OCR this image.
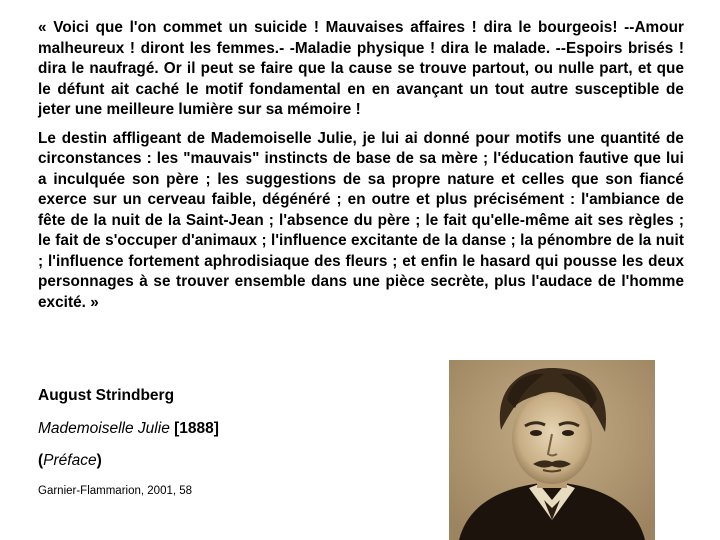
« Voici que l'on commet un suicide ! Mauvaises affaires ! dira le bourgeois! --Amour malheureux ! diront les femmes.- -Maladie physique ! dira le malade. --Espoirs brisés ! dira le naufragé. Or il peut se faire que la cause se trouve partout, ou nulle part, et que le défunt ait caché le motif fondamental en en avançant un tout autre susceptible de jeter une meilleure lumière sur sa mémoire !

Le destin affligeant de Mademoiselle Julie, je lui ai donné pour motifs une quantité de circonstances : les "mauvais" instincts de base de sa mère ; l'éducation fautive que lui a inculquée son père ; les suggestions de sa propre nature et celles que son fiancé exerce sur un cerveau faible, dégénéré ; en outre et plus précisément : l'ambiance de fête de la nuit de la Saint-Jean ; l'absence du père ; le fait qu'elle-même ait ses règles ; le fait de s'occuper d'animaux ; l'influence excitante de la danse ; la pénombre de la nuit ; l'influence fortement aphrodisiaque des fleurs ; et enfin le hasard qui pousse les deux personnages à se trouver ensemble dans une pièce secrète, plus l'audace de l'homme excité. »

August Strindberg
Mademoiselle Julie [1888]
(Préface)
Garnier-Flammarion, 2001, 58
